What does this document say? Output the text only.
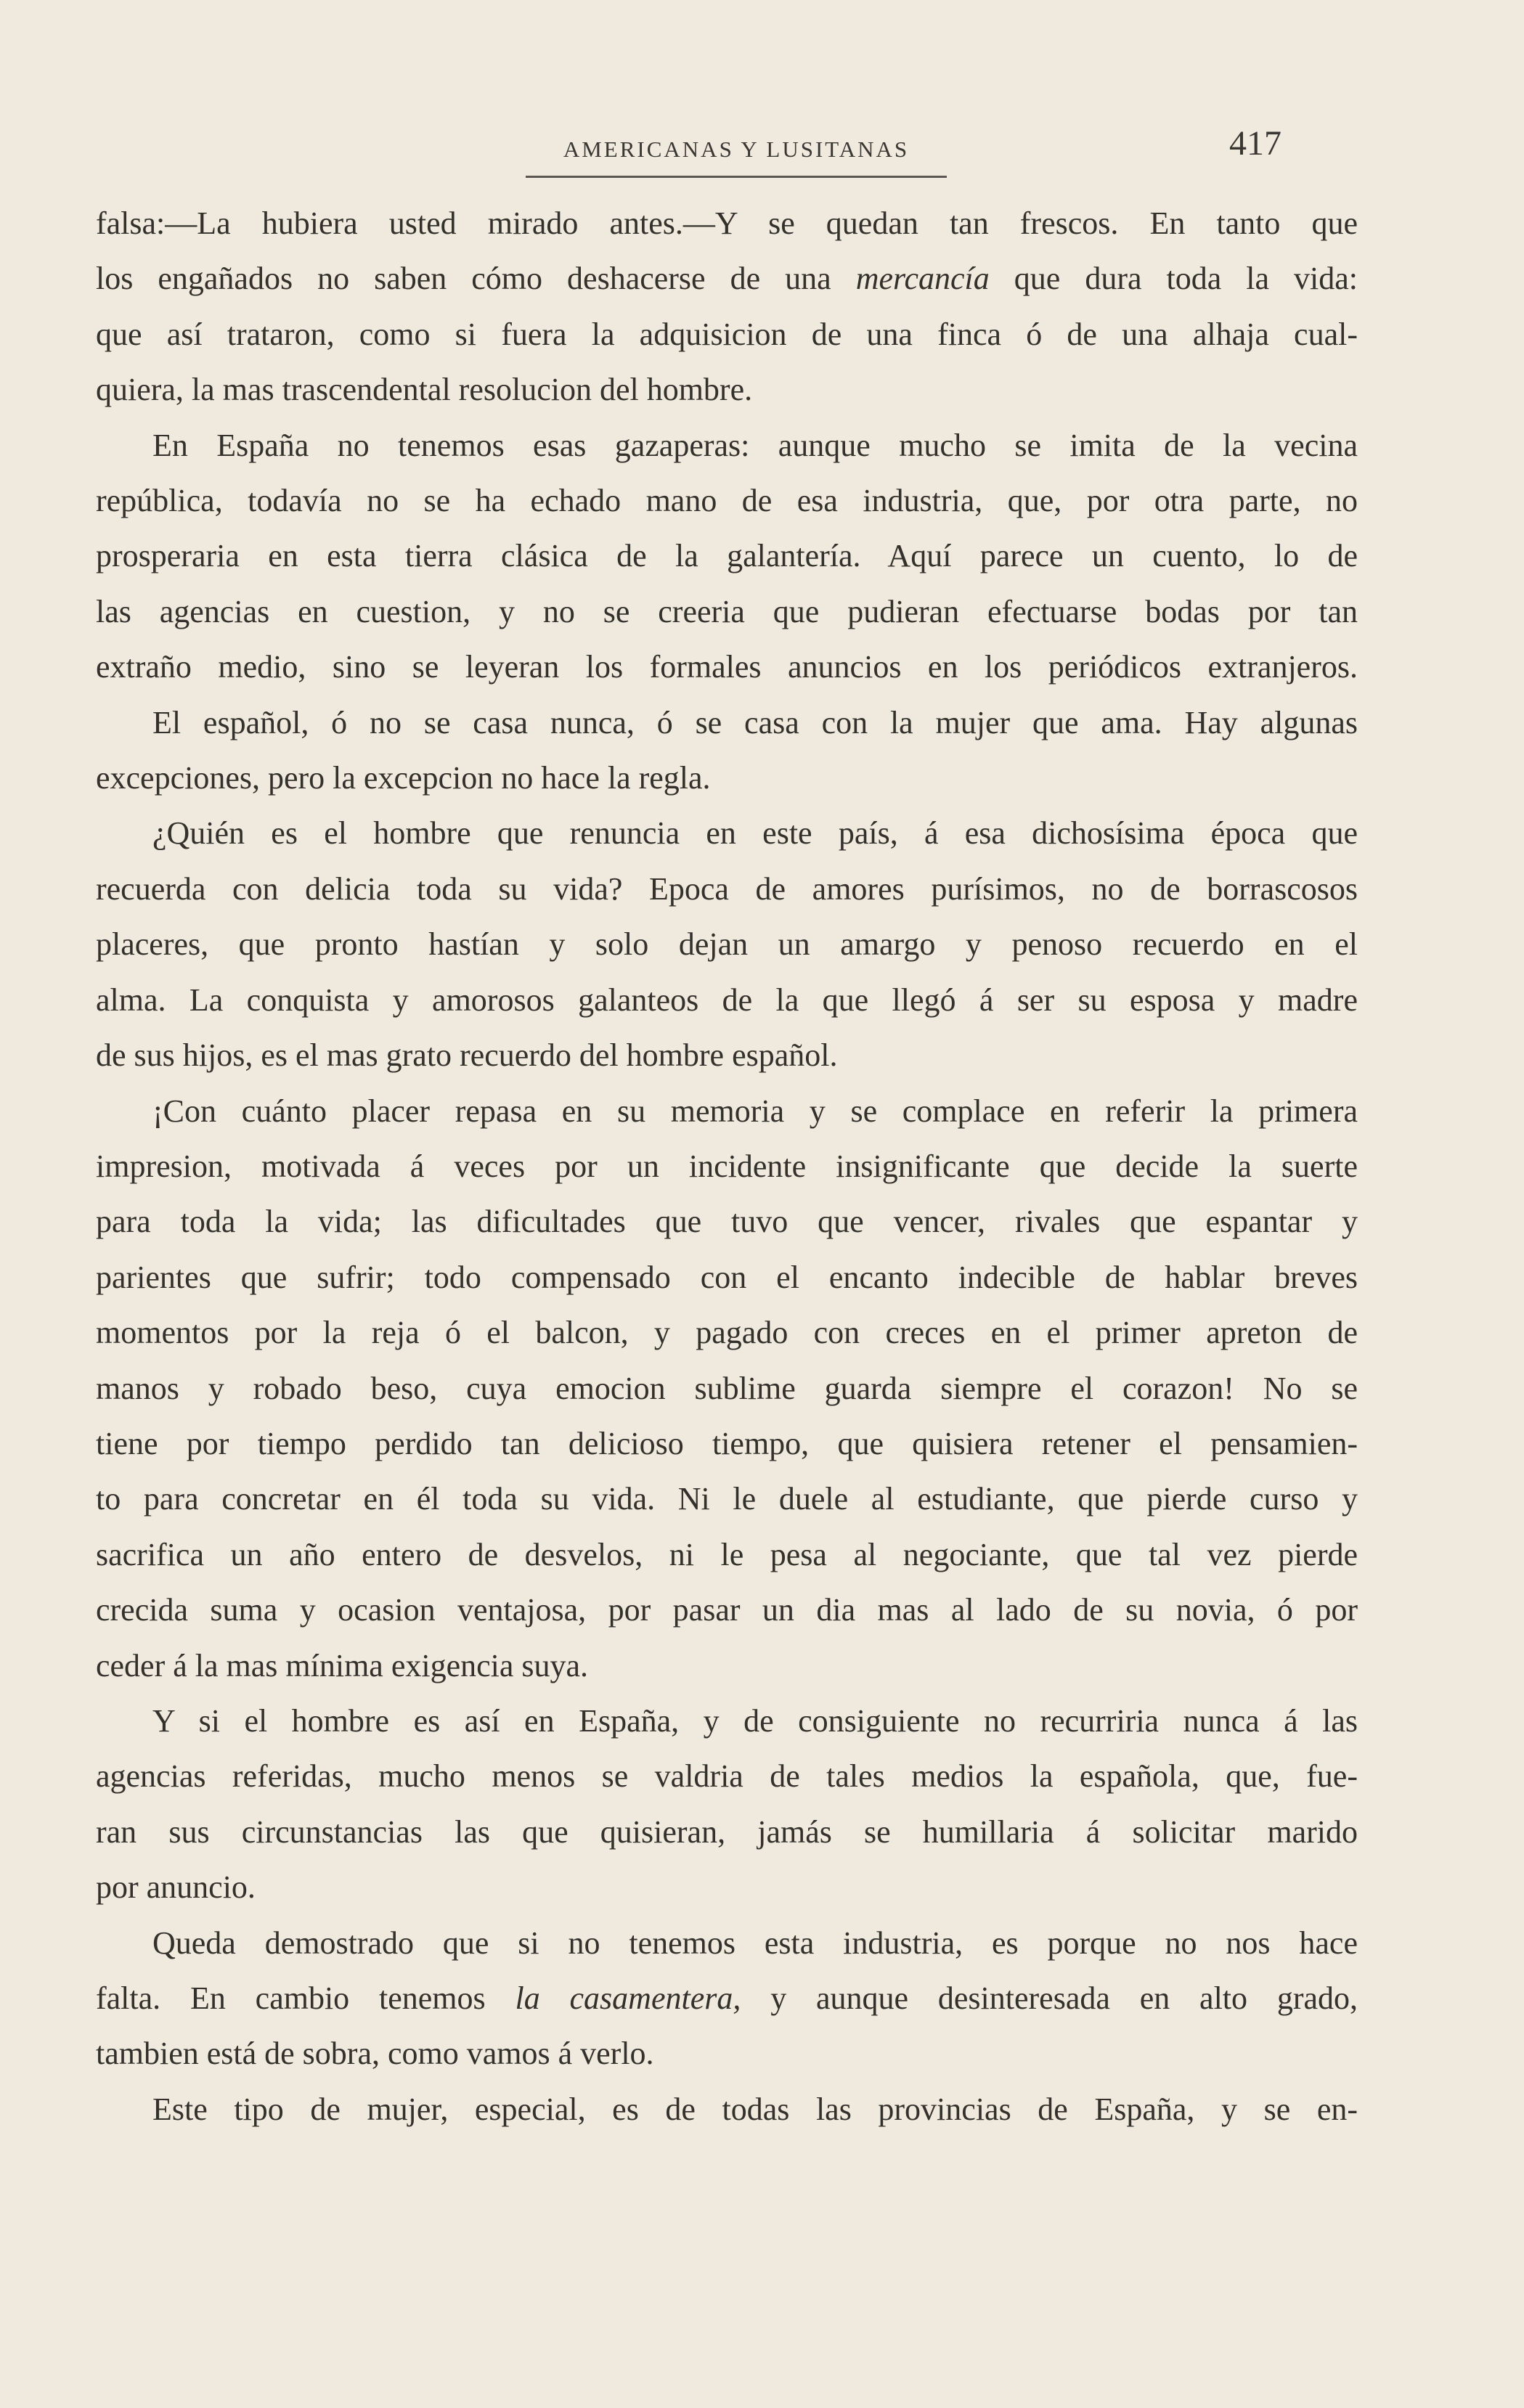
AMERICANAS Y LUSITANAS	417

falsa:—La hubiera usted mirado antes.—Y se quedan tan frescos. En tanto que
los engañados no saben cómo deshacerse de una mercancía que dura toda la vida:
que así trataron, como si fuera la adquisicion de una finca ó de una alhaja cual-
quiera, la mas trascendental resolucion del hombre.

En España no tenemos esas gazaperas: aunque mucho se imita de la vecina
república, todavía no se ha echado mano de esa industria, que, por otra parte, no
prosperaria en esta tierra clásica de la galantería. Aquí parece un cuento, lo de
las agencias en cuestion, y no se creeria que pudieran efectuarse bodas por tan
extraño medio, sino se leyeran los formales anuncios en los periódicos extranjeros.

El español, ó no se casa nunca, ó se casa con la mujer que ama. Hay algunas
excepciones, pero la excepcion no hace la regla.

¿Quién es el hombre que renuncia en este país, á esa dichosísima época que
recuerda con delicia toda su vida? Epoca de amores purísimos, no de borrascosos
placeres, que pronto hastían y solo dejan un amargo y penoso recuerdo en el
alma. La conquista y amorosos galanteos de la que llegó á ser su esposa y madre
de sus hijos, es el mas grato recuerdo del hombre español.

¡Con cuánto placer repasa en su memoria y se complace en referir la primera
impresion, motivada á veces por un incidente insignificante que decide la suerte
para toda la vida; las dificultades que tuvo que vencer, rivales que espantar y
parientes que sufrir; todo compensado con el encanto indecible de hablar breves
momentos por la reja ó el balcon, y pagado con creces en el primer apreton de
manos y robado beso, cuya emocion sublime guarda siempre el corazon! No se
tiene por tiempo perdido tan delicioso tiempo, que quisiera retener el pensamien-
to para concretar en él toda su vida. Ni le duele al estudiante, que pierde curso y
sacrifica un año entero de desvelos, ni le pesa al negociante, que tal vez pierde
crecida suma y ocasion ventajosa, por pasar un dia mas al lado de su novia, ó por
ceder á la mas mínima exigencia suya.

Y si el hombre es así en España, y de consiguiente no recurriria nunca á las
agencias referidas, mucho menos se valdria de tales medios la española, que, fue-
ran sus circunstancias las que quisieran, jamás se humillaria á solicitar marido
por anuncio.

Queda demostrado que si no tenemos esta industria, es porque no nos hace
falta. En cambio tenemos la casamentera, y aunque desinteresada en alto grado,
tambien está de sobra, como vamos á verlo.

Este tipo de mujer, especial, es de todas las provincias de España, y se en-
